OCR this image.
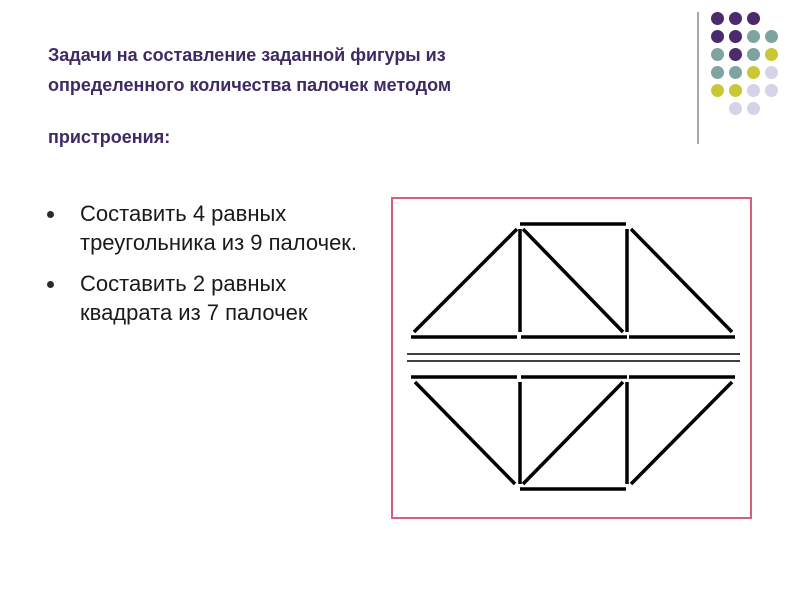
Задачи на составление заданной фигуры из
определенного количества палочек методом
пристроения:
Составить 4 равных треугольника из 9 палочек.
Составить 2 равных квадрата из 7 палочек
